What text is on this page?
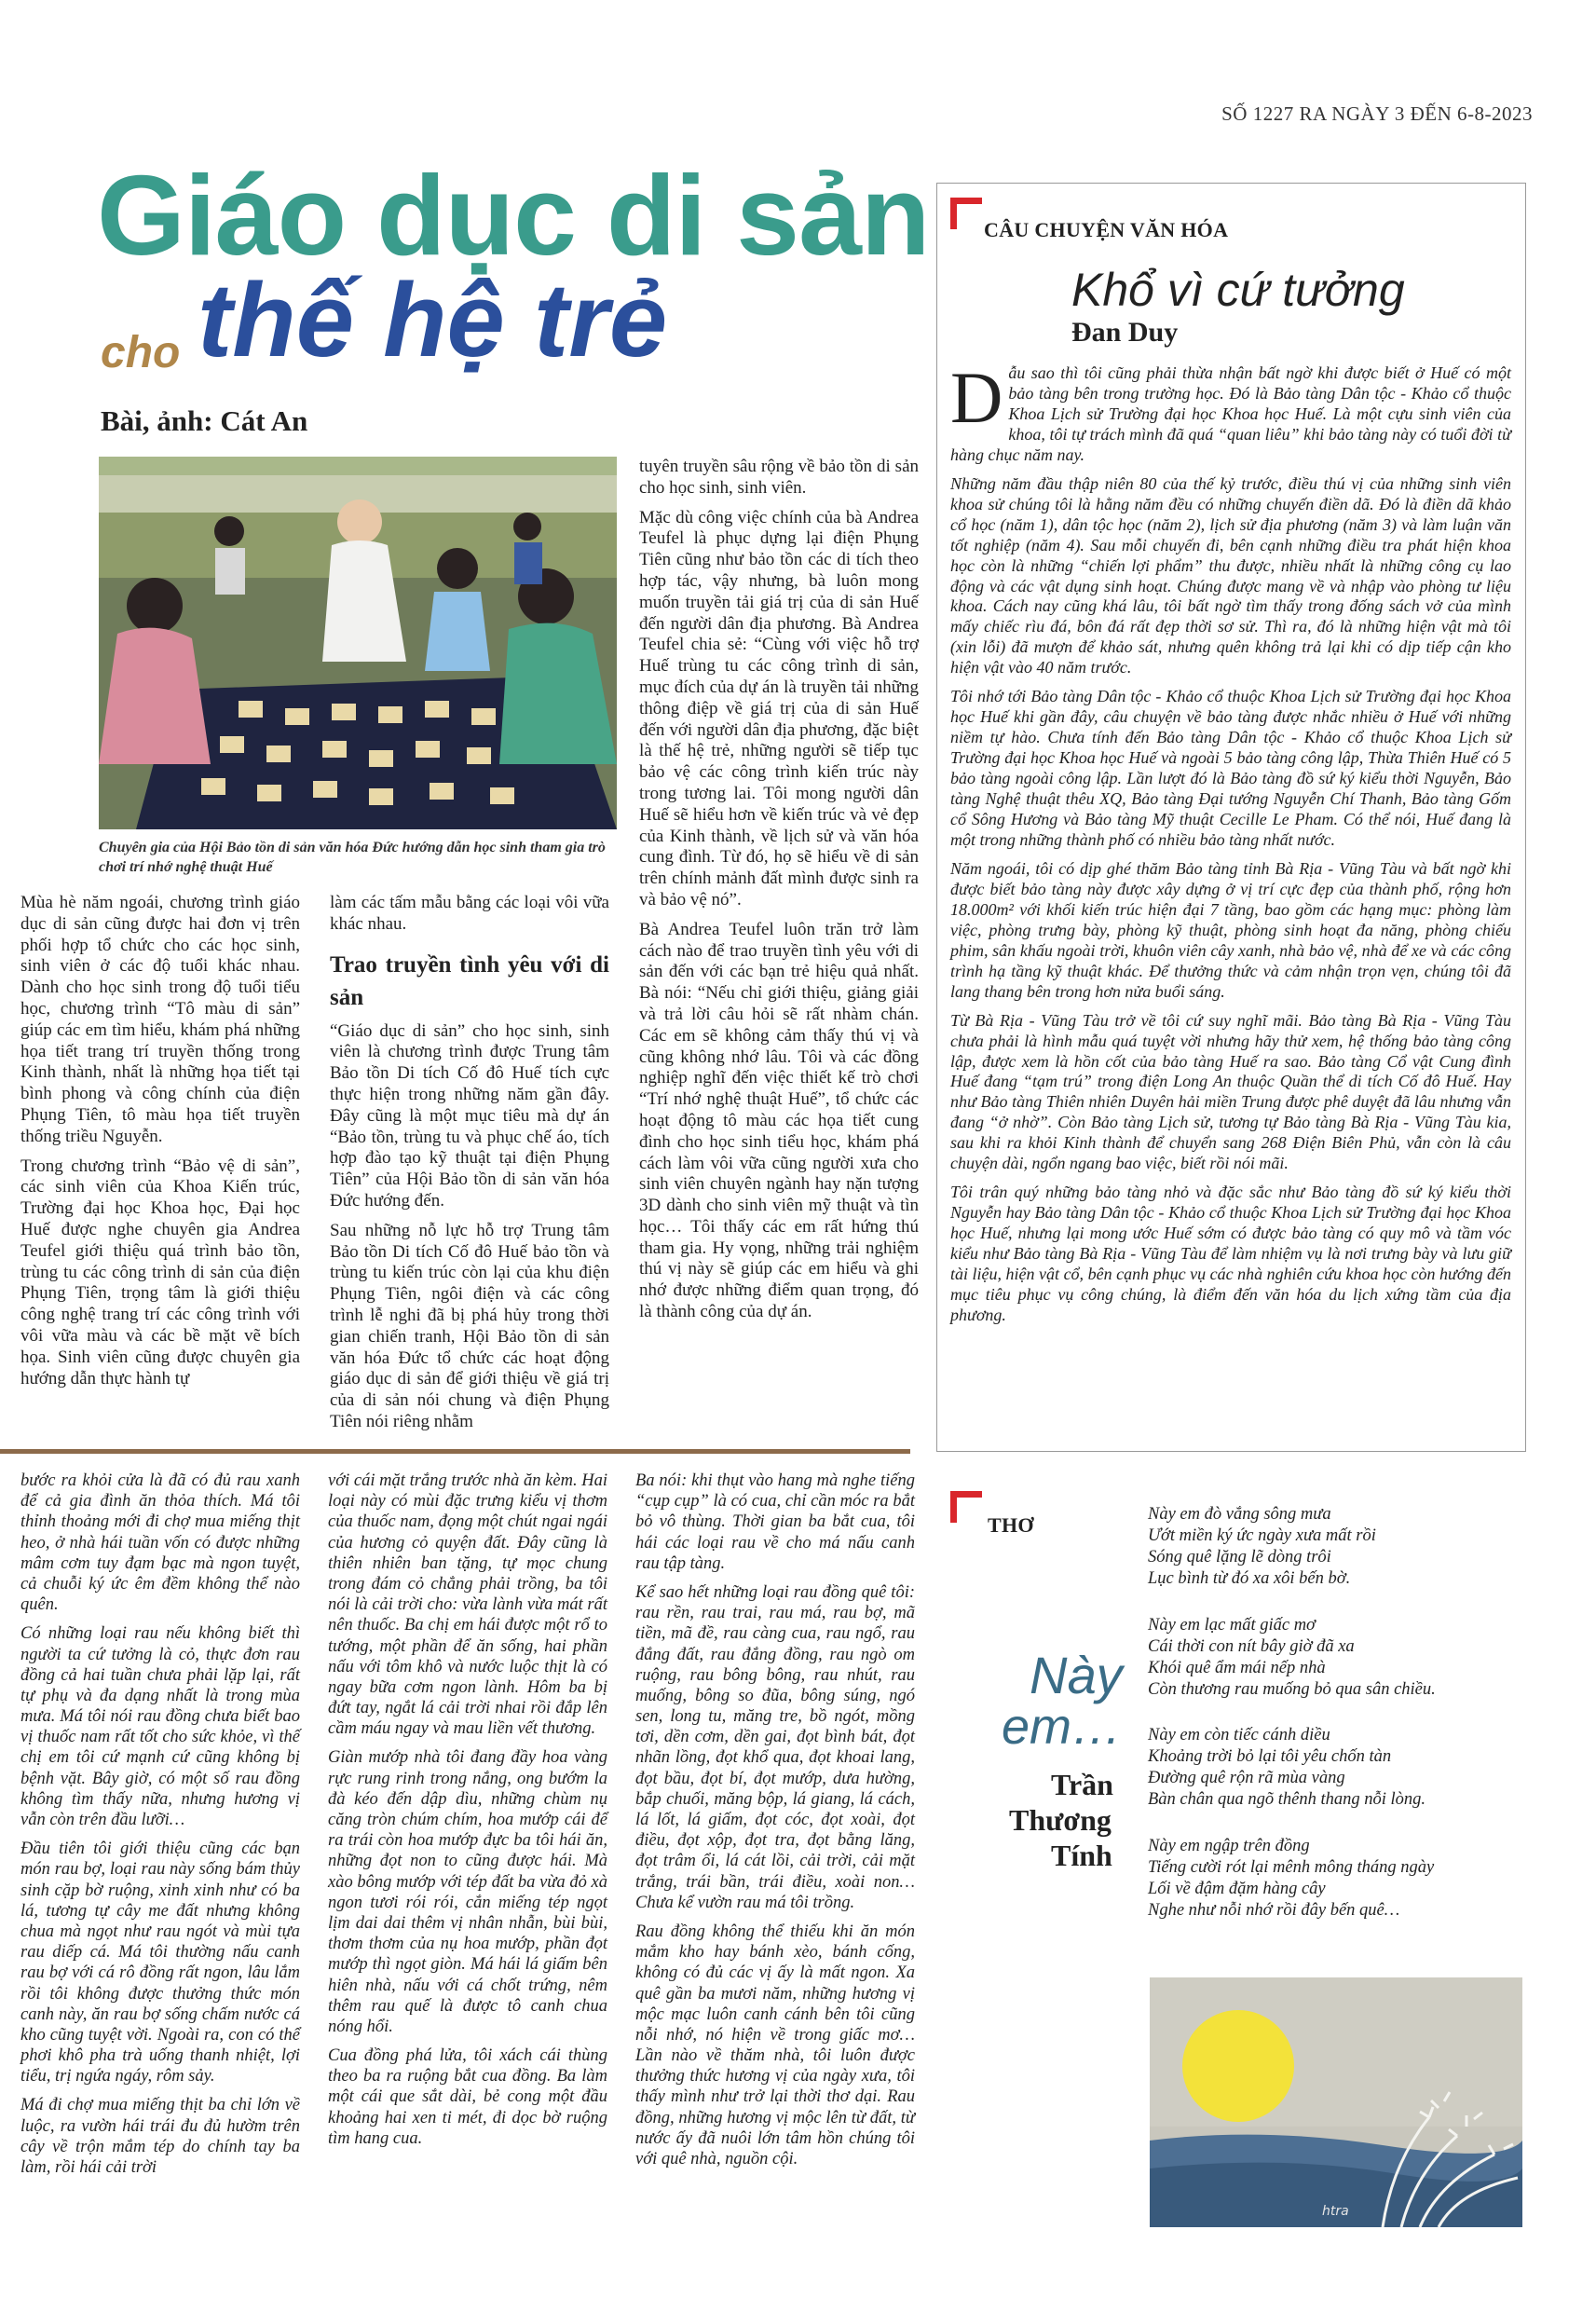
SỐ 1227 RA NGÀY 3 ĐẾN 6-8-2023
Giáo dục di sản
cho thế hệ trẻ
Bài, ảnh: Cát An
Chuyên gia của Hội Bảo tồn di sản văn hóa Đức hướng dẫn học sinh tham gia trò chơi trí nhớ nghệ thuật Huế

Mùa hè năm ngoái, chương trình giáo dục di sản cũng được hai đơn vị trên phối hợp tổ chức cho các học sinh, sinh viên ở các độ tuổi khác nhau. Dành cho học sinh trong độ tuổi tiểu học, chương trình “Tô màu di sản” giúp các em tìm hiểu, khám phá những họa tiết trang trí truyền thống trong Kinh thành, nhất là những họa tiết tại bình phong và công chính của điện Phụng Tiên, tô màu họa tiết truyền thống triều Nguyễn.

Trong chương trình “Bảo vệ di sản”, các sinh viên của Khoa Kiến trúc, Trường đại học Khoa học, Đại học Huế được nghe chuyên gia Andrea Teufel giới thiệu quá trình bảo tồn, trùng tu các công trình di sản của điện Phụng Tiên, trọng tâm là giới thiệu công nghệ trang trí các công trình với vôi vữa màu và các bề mặt vẽ bích họa. Sinh viên cũng được chuyên gia hướng dẫn thực hành tự

làm các tấm mẫu bằng các loại vôi vữa khác nhau.

Trao truyền tình yêu với di sản

“Giáo dục di sản” cho học sinh, sinh viên là chương trình được Trung tâm Bảo tồn Di tích Cố đô Huế tích cực thực hiện trong những năm gần đây. Đây cũng là một mục tiêu mà dự án “Bảo tồn, trùng tu và phục chế áo, tích hợp đào tạo kỹ thuật tại điện Phụng Tiên” của Hội Bảo tồn di sản văn hóa Đức hướng đến.

Sau những nỗ lực hỗ trợ Trung tâm Bảo tồn Di tích Cố đô Huế bảo tồn và trùng tu kiến trúc còn lại của khu điện Phụng Tiên, ngôi điện và các công trình lễ nghi đã bị phá hủy trong thời gian chiến tranh, Hội Bảo tồn di sản văn hóa Đức tổ chức các hoạt động giáo dục di sản để giới thiệu về giá trị của di sản nói chung và điện Phụng Tiên nói riêng nhằm

tuyên truyền sâu rộng về bảo tồn di sản cho học sinh, sinh viên.

Mặc dù công việc chính của bà Andrea Teufel là phục dựng lại điện Phụng Tiên cũng như bảo tồn các di tích theo hợp tác, vậy nhưng, bà luôn mong muốn truyền tải giá trị của di sản Huế đến người dân địa phương. Bà Andrea Teufel chia sẻ: “Cùng với việc hỗ trợ Huế trùng tu các công trình di sản, mục đích của dự án là truyền tải những thông điệp về giá trị của di sản Huế đến với người dân địa phương, đặc biệt là thế hệ trẻ, những người sẽ tiếp tục bảo vệ các công trình kiến trúc này trong tương lai. Tôi mong người dân Huế sẽ hiểu hơn về kiến trúc và vẻ đẹp của Kinh thành, về lịch sử và văn hóa cung đình. Từ đó, họ sẽ hiểu về di sản trên chính mảnh đất mình được sinh ra và bảo vệ nó”.

Bà Andrea Teufel luôn trăn trở làm cách nào để trao truyền tình yêu với di sản đến với các bạn trẻ hiệu quả nhất. Bà nói: “Nếu chỉ giới thiệu, giảng giải và trả lời câu hỏi sẽ rất nhàm chán. Các em sẽ không cảm thấy thú vị và cũng không nhớ lâu. Tôi và các đồng nghiệp nghĩ đến việc thiết kế trò chơi “Trí nhớ nghệ thuật Huế”, tổ chức các hoạt động tô màu các họa tiết cung đình cho học sinh tiểu học, khám phá cách làm vôi vữa cũng người xưa cho sinh viên chuyên ngành hay nặn tượng 3D dành cho sinh viên mỹ thuật và tìn học… Tôi thấy các em rất hứng thú tham gia. Hy vọng, những trải nghiệm thú vị này sẽ giúp các em hiểu và ghi nhớ được những điểm quan trọng, đó là thành công của dự án.

CÂU CHUYỆN VĂN HÓA
Khổ vì cứ tưởng
Đan Duy

Dẫu sao thì tôi cũng phải thừa nhận bất ngờ khi được biết ở Huế có một bảo tàng bên trong trường học. Đó là Bảo tàng Dân tộc - Khảo cổ thuộc Khoa Lịch sử Trường đại học Khoa học Huế. Là một cựu sinh viên của khoa, tôi tự trách mình đã quá “quan liêu” khi bảo tàng này có tuổi đời từ hàng chục năm nay.

Những năm đầu thập niên 80 của thế kỷ trước, điều thú vị của những sinh viên khoa sử chúng tôi là hằng năm đều có những chuyến điền dã. Đó là điền dã khảo cổ học (năm 1), dân tộc học (năm 2), lịch sử địa phương (năm 3) và làm luận văn tốt nghiệp (năm 4). Sau mỗi chuyến đi, bên cạnh những điều tra phát hiện khoa học còn là những “chiến lợi phẩm” thu được, nhiều nhất là những công cụ lao động và các vật dụng sinh hoạt. Chúng được mang về và nhập vào phòng tư liệu khoa. Cách nay cũng khá lâu, tôi bất ngờ tìm thấy trong đống sách vở của mình mấy chiếc rìu đá, bôn đá rất đẹp thời sơ sử. Thì ra, đó là những hiện vật mà tôi (xin lỗi) đã mượn để khảo sát, nhưng quên không trả lại khi có dịp tiếp cận kho hiện vật vào 40 năm trước.

Tôi nhớ tới Bảo tàng Dân tộc - Khảo cổ thuộc Khoa Lịch sử Trường đại học Khoa học Huế khi gần đây, câu chuyện về bảo tàng được nhắc nhiều ở Huế với những niềm tự hào. Chưa tính đến Bảo tàng Dân tộc - Khảo cổ thuộc Khoa Lịch sử Trường đại học Khoa học Huế và ngoài 5 bảo tàng công lập, Thừa Thiên Huế có 5 bảo tàng ngoài công lập. Lần lượt đó là Bảo tàng đồ sứ ký kiểu thời Nguyễn, Bảo tàng Nghệ thuật thêu XQ, Bảo tàng Đại tướng Nguyễn Chí Thanh, Bảo tàng Gốm cổ Sông Hương và Bảo tàng Mỹ thuật Cecille Le Pham. Có thể nói, Huế đang là một trong những thành phố có nhiều bảo tàng nhất nước.

Năm ngoái, tôi có dịp ghé thăm Bảo tàng tỉnh Bà Rịa - Vũng Tàu và bất ngờ khi được biết bảo tàng này được xây dựng ở vị trí cực đẹp của thành phố, rộng hơn 18.000m² với khối kiến trúc hiện đại 7 tầng, bao gồm các hạng mục: phòng làm việc, phòng trưng bày, phòng kỹ thuật, phòng sinh hoạt đa năng, phòng chiếu phim, sân khấu ngoài trời, khuôn viên cây xanh, nhà bảo vệ, nhà để xe và các công trình hạ tầng kỹ thuật khác. Để thưởng thức và cảm nhận trọn vẹn, chúng tôi đã lang thang bên trong hơn nửa buổi sáng.

Từ Bà Rịa - Vũng Tàu trở về tôi cứ suy nghĩ mãi. Bảo tàng Bà Rịa - Vũng Tàu chưa phải là hình mẫu quá tuyệt vời nhưng hãy thử xem, hệ thống bảo tàng công lập, được xem là hồn cốt của bảo tàng Huế ra sao. Bảo tàng Cổ vật Cung đình Huế đang “tạm trú” trong điện Long An thuộc Quần thể di tích Cố đô Huế. Hay như Bảo tàng Thiên nhiên Duyên hải miền Trung được phê duyệt đã lâu nhưng vẫn đang “ở nhờ”. Còn Bảo tàng Lịch sử, tương tự Bảo tàng Bà Rịa - Vũng Tàu kia, sau khi ra khỏi Kinh thành để chuyển sang 268 Điện Biên Phủ, vẫn còn là câu chuyện dài, ngổn ngang bao việc, biết rồi nói mãi.

Tôi trân quý những bảo tàng nhỏ và đặc sắc như Bảo tàng đồ sứ ký kiểu thời Nguyễn hay Bảo tàng Dân tộc - Khảo cổ thuộc Khoa Lịch sử Trường đại học Khoa học Huế, nhưng lại mong ước Huế sớm có được bảo tàng có quy mô và tầm vóc kiểu như Bảo tàng Bà Rịa - Vũng Tàu để làm nhiệm vụ là nơi trưng bày và lưu giữ tài liệu, hiện vật cổ, bên cạnh phục vụ các nhà nghiên cứu khoa học còn hướng đến mục tiêu phục vụ công chúng, là điểm đến văn hóa du lịch xứng tầm của địa phương.

bước ra khỏi cửa là đã có đủ rau xanh để cả gia đình ăn thỏa thích. Má tôi thỉnh thoảng mới đi chợ mua miếng thịt heo, ở nhà hái tuần vốn có được những mâm cơm tuy đạm bạc mà ngon tuyệt, cả chuỗi ký ức êm đềm không thể nào quên.

Có những loại rau nếu không biết thì người ta cứ tưởng là cỏ, thực đơn rau đồng cả hai tuần chưa phải lặp lại, rất tự phụ và đa dạng nhất là trong mùa mưa. Má tôi nói rau đồng chưa biết bao vị thuốc nam rất tốt cho sức khỏe, vì thế chị em tôi cứ mạnh cứ cũng không bị bệnh vặt. Bây giờ, có một số rau đồng không tìm thấy nữa, nhưng hương vị vẫn còn trên đầu lưỡi…

Đầu tiên tôi giới thiệu cũng các bạn món rau bợ, loại rau này sống bám thủy sinh cặp bờ ruộng, xinh xinh như có ba lá, tương tự cây me đất nhưng không chua mà ngọt như rau ngót và mùi tựa rau diếp cá. Má tôi thường nấu canh rau bợ với cá rô đồng rất ngon, lâu lắm rồi tôi không được thưởng thức món canh này, ăn rau bợ sống chấm nước cá kho cũng tuyệt vời. Ngoài ra, con có thể phơi khô pha trà uống thanh nhiệt, lợi tiểu, trị ngứa ngáy, rôm sảy.

Má đi chợ mua miếng thịt ba chỉ lớn về luộc, ra vườn hái trái đu đủ hườm trên cây về trộn mắm tép do chính tay ba làm, rồi hái cải trời

với cái mặt trắng trước nhà ăn kèm. Hai loại này có mùi đặc trưng kiểu vị thơm của thuốc nam, đọng một chút ngai ngái của hương cỏ quyện đất. Đây cũng là thiên nhiên ban tặng, tự mọc chung trong đám cỏ chẳng phải trồng, ba tôi nói là cải trời cho: vừa lành vừa mát rất nên thuốc. Ba chị em hái được một rổ to tướng, một phần để ăn sống, hai phần nấu với tôm khô và nước luộc thịt là có ngay bữa cơm ngon lành. Hôm ba bị đứt tay, ngắt lá cải trời nhai rồi đắp lên cầm máu ngay và mau liền vết thương.

Giàn mướp nhà tôi đang đầy hoa vàng rực rung rinh trong nắng, ong bướm la đà kéo đến dập dìu, những chùm nụ căng tròn chúm chím, hoa mướp cái để ra trái còn hoa mướp đực ba tôi hái ăn, những đọt non to cũng được hái. Mà xào bông mướp với tép đất ba vừa đỏ xà ngon tươi rói rói, cắn miếng tép ngọt lịm dai dai thêm vị nhân nhẫn, bùi bùi, thơm thơm của nụ hoa mướp, phần đọt mướp thì ngọt giòn. Má hái lá giấm bên hiên nhà, nấu với cá chốt trứng, nêm thêm rau quế là được tô canh chua nóng hổi.

Cua đồng phá lửa, tôi xách cái thùng theo ba ra ruộng bắt cua đồng. Ba làm một cái que sắt dài, bẻ cong một đầu khoảng hai xen ti mét, đi dọc bờ ruộng tìm hang cua.

Ba nói: khi thụt vào hang mà nghe tiếng “cụp cụp” là có cua, chỉ cần móc ra bắt bỏ vô thùng. Thời gian ba bắt cua, tôi hái các loại rau về cho má nấu canh rau tập tàng.

Kể sao hết những loại rau đồng quê tôi: rau rền, rau trai, rau má, rau bợ, mã tiền, mã đề, rau càng cua, rau ngổ, rau đắng đất, rau đắng đồng, rau ngò om ruộng, rau bông bông, rau nhút, rau muống, bông so đũa, bông súng, ngó sen, long tu, măng tre, bồ ngót, mồng tơi, dền cơm, dền gai, đọt bình bát, đọt nhãn lồng, đọt khổ qua, đọt khoai lang, đọt bầu, đọt bí, đọt mướp, dưa hường, bắp chuối, măng bộp, lá giang, lá cách, lá lốt, lá giấm, đọt cóc, đọt xoài, đọt điều, đọt xộp, đọt tra, đọt bằng lăng, đọt trâm ổi, lá cát lồi, cải trời, cải mặt trắng, trái bần, trái điều, xoài non… Chưa kể vườn rau má tôi trồng.

Rau đồng không thể thiếu khi ăn món mắm kho hay bánh xèo, bánh cống, không có đủ các vị ấy là mất ngon. Xa quê gần ba mươi năm, những hương vị mộc mạc luôn canh cánh bên tôi cũng nỗi nhớ, nó hiện về trong giấc mơ… Lần nào về thăm nhà, tôi luôn được thưởng thức hương vị của ngày xưa, tôi thấy mình như trở lại thời thơ dại. Rau đồng, những hương vị mộc lên từ đất, từ nước ấy đã nuôi lớn tâm hồn chúng tôi với quê nhà, nguồn cội.

THƠ
Này
em…
Trần
Thương
Tính
Này em đò vắng sông mưa
Ướt miền ký ức ngày xưa mất rồi
Sóng quê lặng lẽ dòng trôi
Lục bình từ đó xa xôi bến bờ.
Này em lạc mất giấc mơ
Cái thời con nít bây giờ đã xa
Khói quê ẩm mái nếp nhà
Còn thương rau muống bỏ qua sân chiều.
Này em còn tiếc cánh diều
Khoảng trời bỏ lại tôi yêu chốn tàn
Đường quê rộn rã mùa vàng
Bàn chân qua ngõ thênh thang nỗi lòng.
Này em ngập trên đồng
Tiếng cười rót lại mênh mông tháng ngày
Lối về đậm đặm hàng cây
Nghe như nỗi nhớ rồi đây bến quê…
htra
